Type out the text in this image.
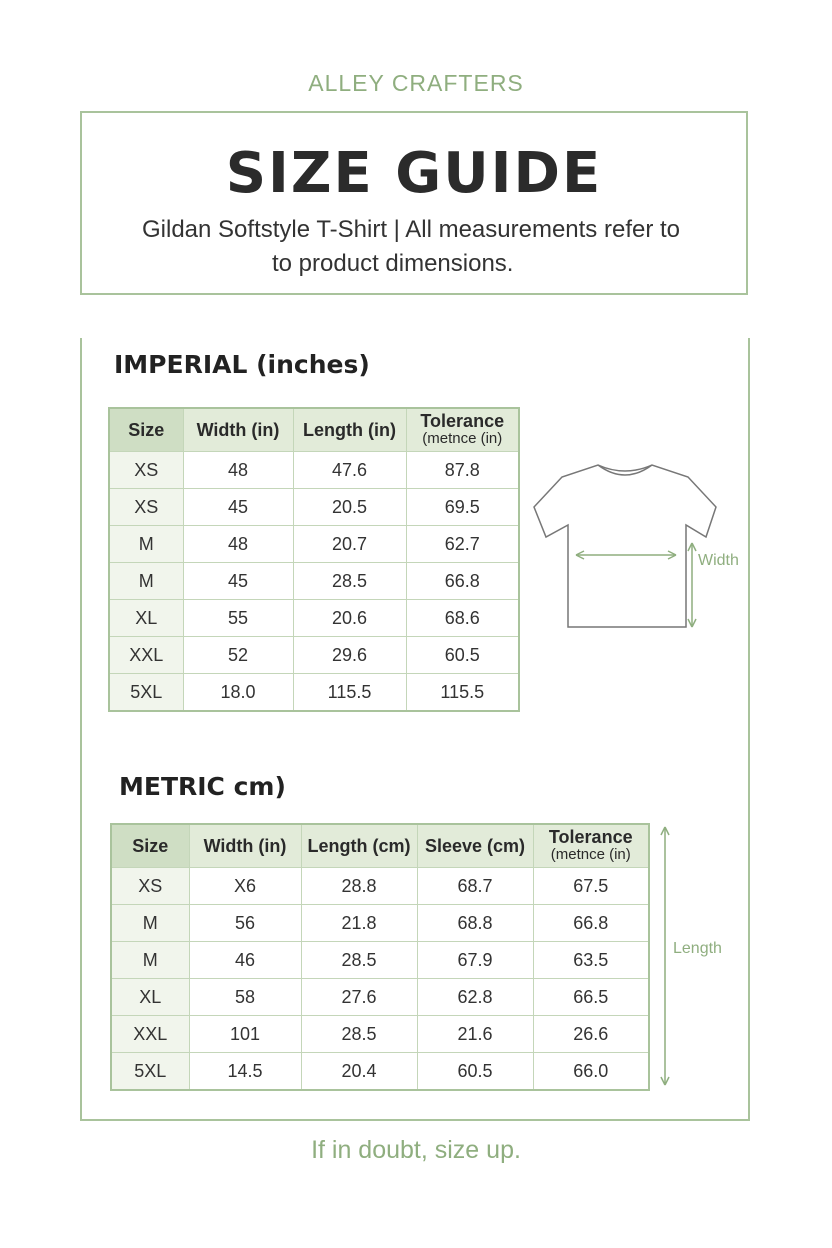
ALLEY CRAFTERS
SIZE GUIDE
Gildan Softstyle T-Shirt | All measurements refer to
to product dimensions.
IMPERIAL (inches)
Size	Width (in)	Length (in)	Tolerance
(metnce (in)

XS	48	47.6	87.8
XS	45	20.5	69.5
M	48	20.7	62.7
M	45	28.5	66.8
XL	55	20.6	68.6
XXL	52	29.6	60.5
5XL	18.0	115.5	115.5
Width
METRIC cm)
Size	Width (in)	Length (cm)	Sleeve (cm)	Tolerance
(metnce (in)

XS	X6	28.8	68.7	67.5
M	56	21.8	68.8	66.8
M	46	28.5	67.9	63.5
XL	58	27.6	62.8	66.5
XXL	101	28.5	21.6	26.6
5XL	14.5	20.4	60.5	66.0
Length
If in doubt, size up.
